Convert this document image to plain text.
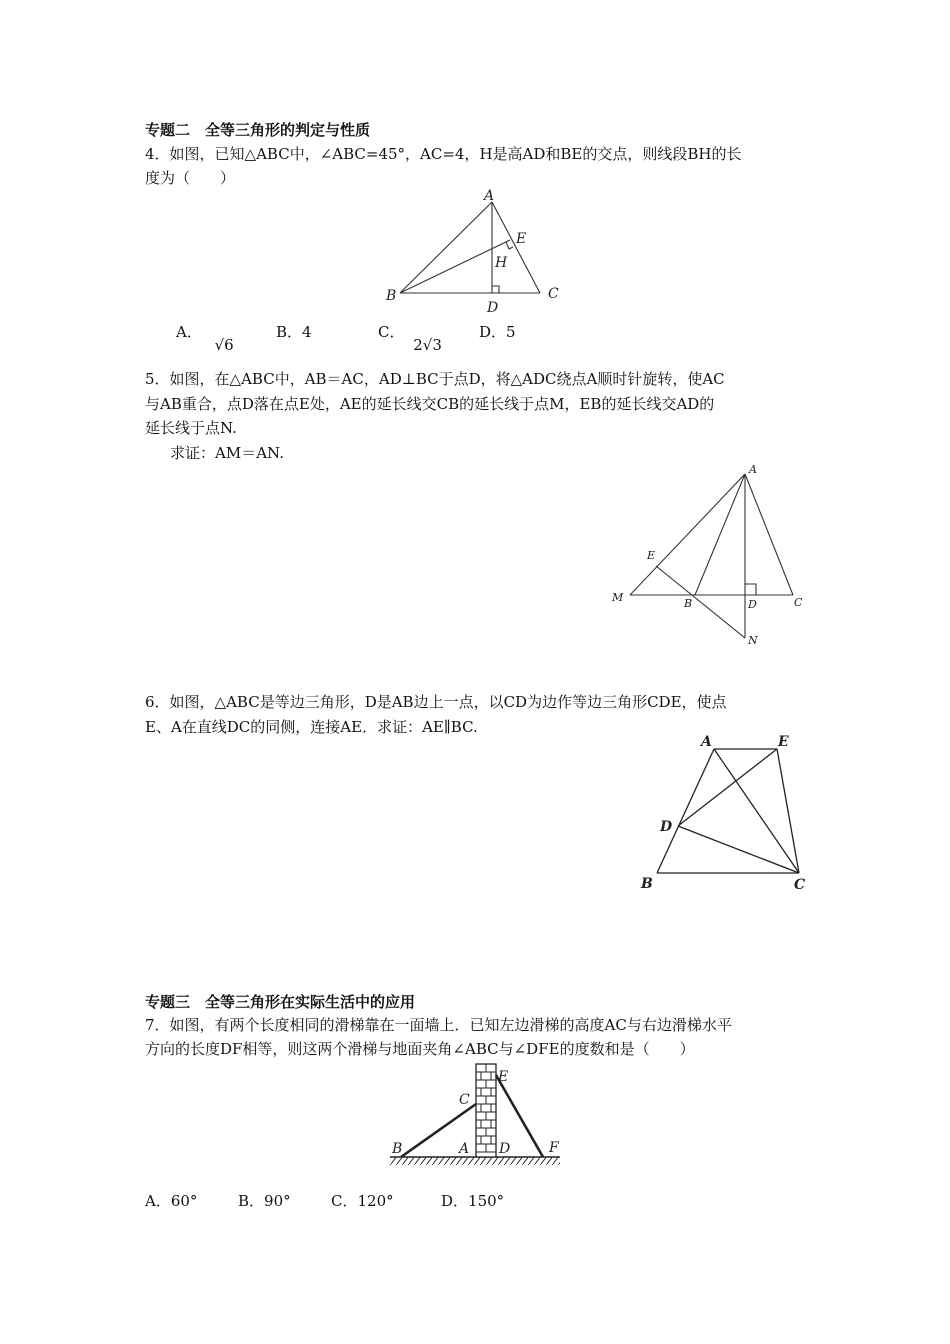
专题二　全等三角形的判定与性质
4．如图，已知△ABC中，∠ABC=45°，AC=4，H是高AD和BE的交点，则线段BH的长
度为（　　）
A
B	C
D
E
H
A． √6
B．4	C． 2√3
D．5
5．如图，在△ABC中，AB＝AC，AD⊥BC于点D，将△ADC绕点A顺时针旋转，使AC
与AB重合，点D落在点E处，AE的延长线交CB的延长线于点M，EB的延长线交AD的
延长线于点N.
求证：AM＝AN.
A
E
M	B	D	C
N
6．如图，△ABC是等边三角形，D是AB边上一点，以CD为边作等边三角形CDE，使点
E、A在直线DC的同侧，连接AE．求证：AE∥BC.
A	E
D
B	C
专题三　全等三角形在实际生活中的应用
7．如图，有两个长度相同的滑梯靠在一面墙上．已知左边滑梯的高度AC与右边滑梯水平
方向的长度DF相等，则这两个滑梯与地面夹角∠ABC与∠DFE的度数和是（　　）
B	A
C
D
E
F
A．60°	B．90°	C．120°	D．150°
